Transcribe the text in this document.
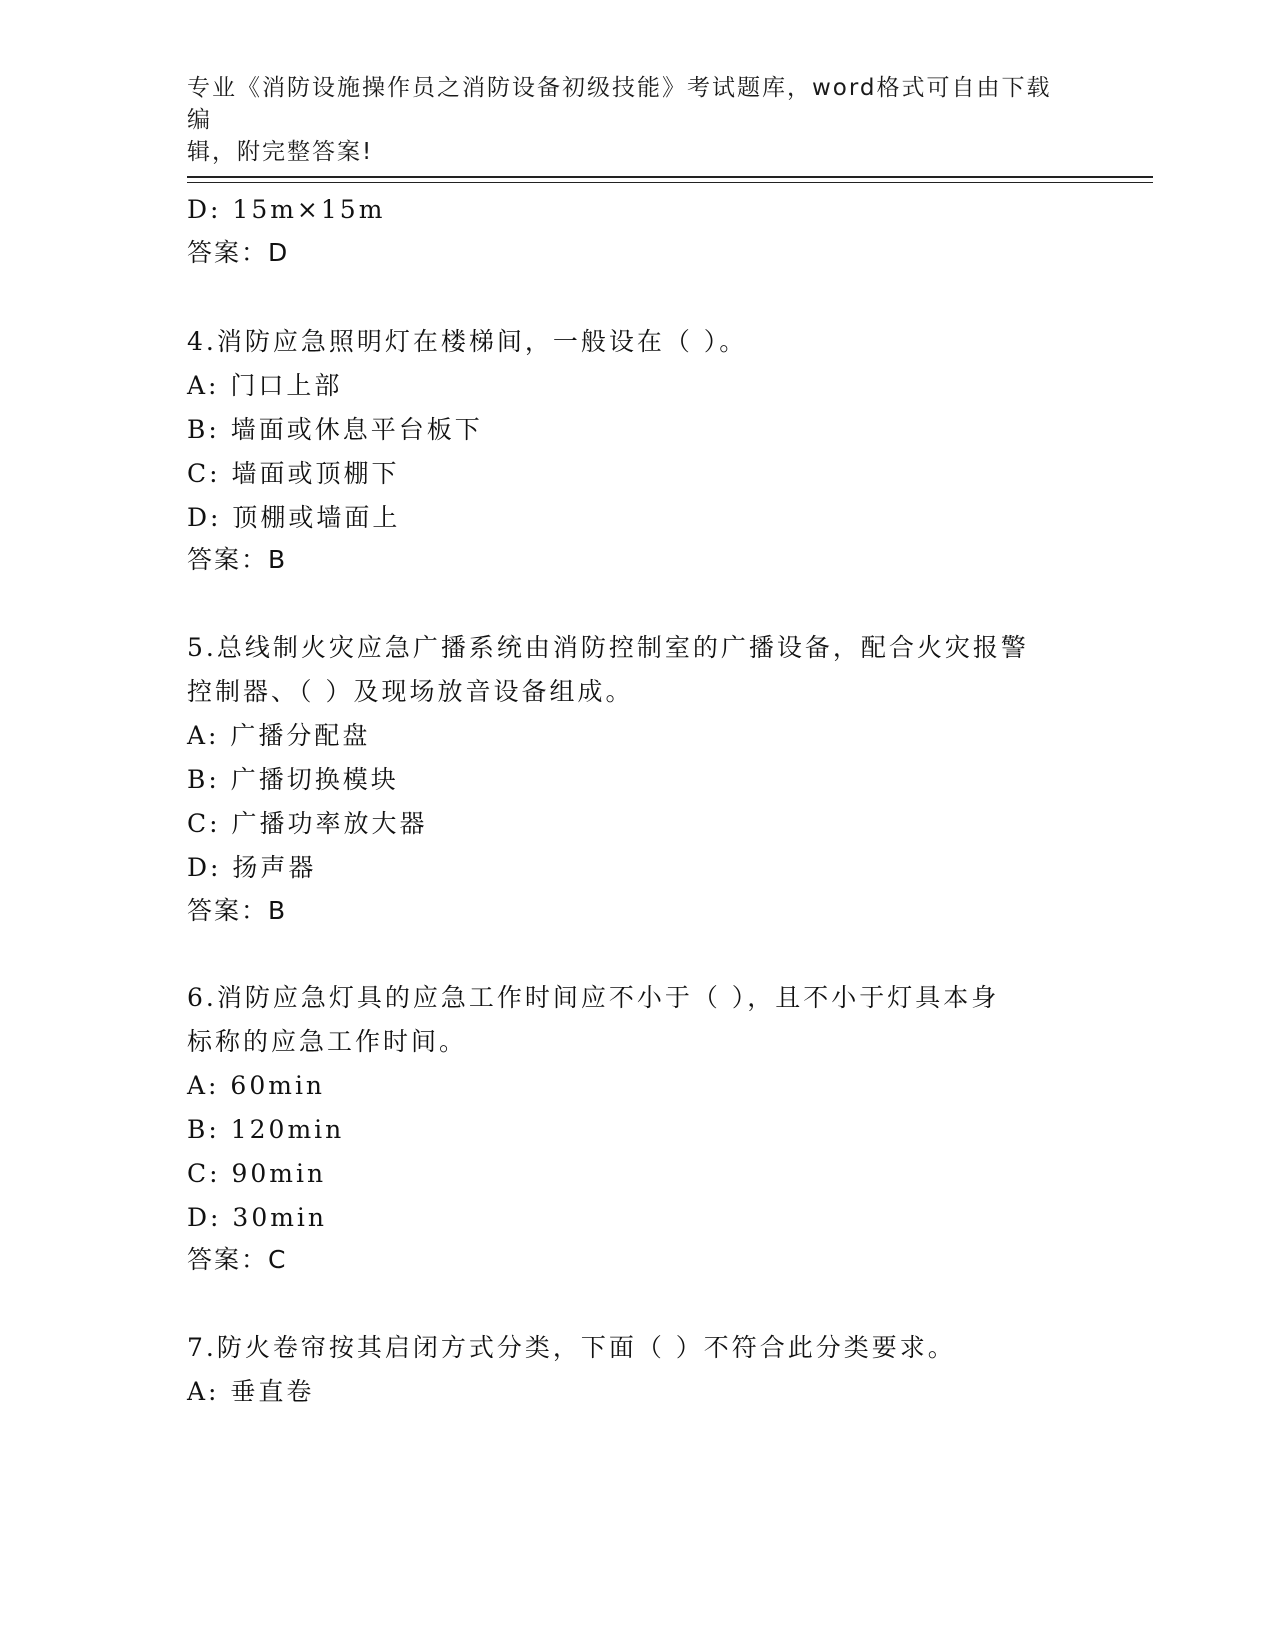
专业《消防设施操作员之消防设备初级技能》考试题库，word格式可自由下载编
辑，附完整答案!
D: 15m×15m
答案：D
4.消防应急照明灯在楼梯间，一般设在（ ）。
A: 门口上部
B: 墙面或休息平台板下
C: 墙面或顶棚下
D: 顶棚或墙面上
答案：B
5.总线制火灾应急广播系统由消防控制室的广播设备，配合火灾报警
控制器、（ ）及现场放音设备组成。
A: 广播分配盘
B: 广播切换模块
C: 广播功率放大器
D: 扬声器
答案：B
6.消防应急灯具的应急工作时间应不小于（ ），且不小于灯具本身
标称的应急工作时间。
A: 60min
B: 120min
C: 90min
D: 30min
答案：C
7.防火卷帘按其启闭方式分类，下面（ ）不符合此分类要求。
A: 垂直卷
